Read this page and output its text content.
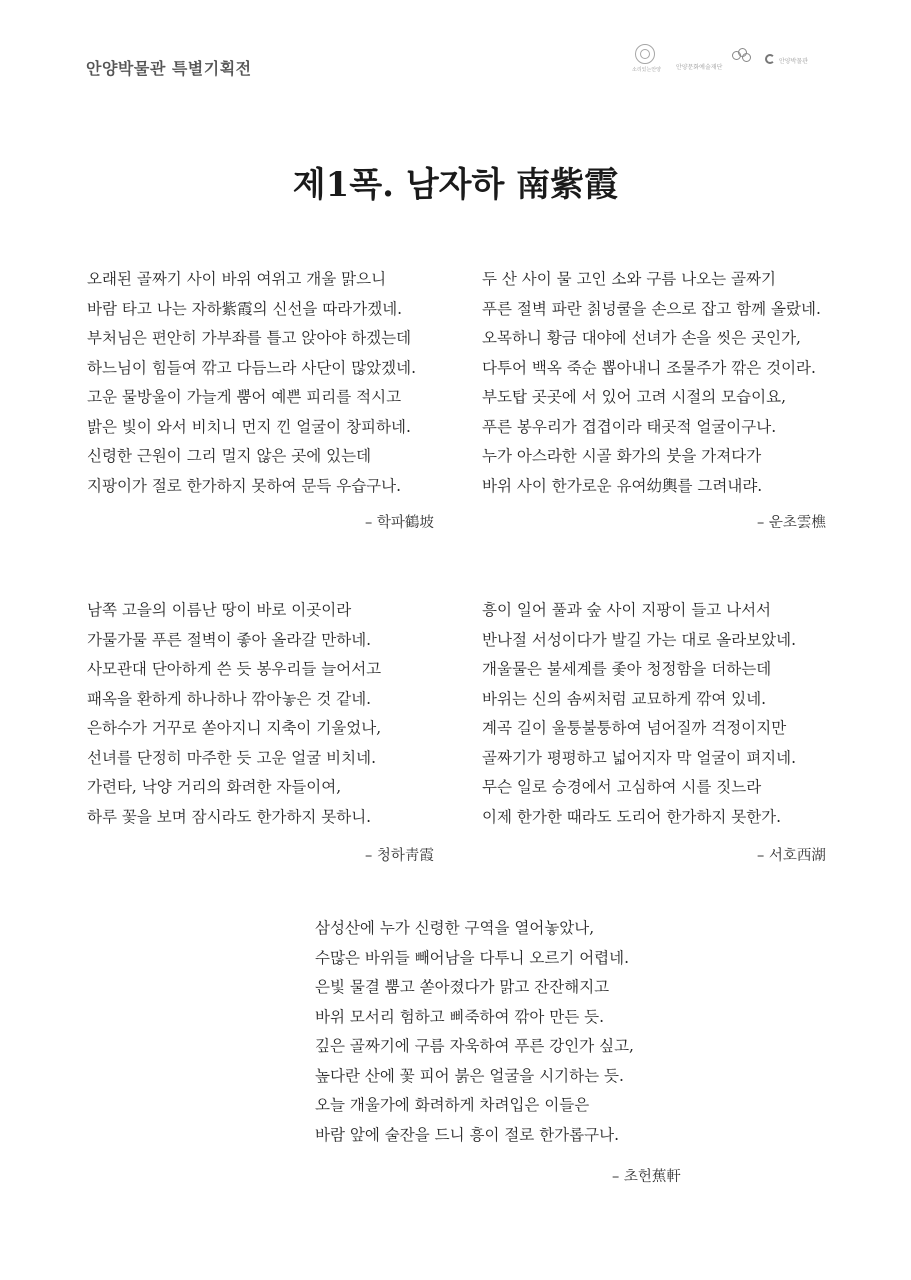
안양박물관 특별기획전	소리있는안양	안양문화예술재단
안양박물관
제1폭. 남자하 南紫霞
오래된 골짜기 사이 바위 여위고 개울 맑으니
바람 타고 나는 자하紫霞의 신선을 따라가겠네.
부처님은 편안히 가부좌를 틀고 앉아야 하겠는데
하느님이 힘들여 깎고 다듬느라 사단이 많았겠네.
고운 물방울이 가늘게 뿜어 예쁜 피리를 적시고
밝은 빛이 와서 비치니 먼지 낀 얼굴이 창피하네.
신령한 근원이 그리 멀지 않은 곳에 있는데
지팡이가 절로 한가하지 못하여 문득 우습구나.
– 학파鶴坡
두 산 사이 물 고인 소와 구름 나오는 골짜기
푸른 절벽 파란 칡넝쿨을 손으로 잡고 함께 올랐네.
오목하니 황금 대야에 선녀가 손을 씻은 곳인가,
다투어 백옥 죽순 뽑아내니 조물주가 깎은 것이라.
부도탑 곳곳에 서 있어 고려 시절의 모습이요,
푸른 봉우리가 겹겹이라 태곳적 얼굴이구나.
누가 아스라한 시골 화가의 붓을 가져다가
바위 사이 한가로운 유여幼輿를 그려내랴.
– 운초雲樵
남쪽 고을의 이름난 땅이 바로 이곳이라
가물가물 푸른 절벽이 좋아 올라갈 만하네.
사모관대 단아하게 쓴 듯 봉우리들 늘어서고
패옥을 환하게 하나하나 깎아놓은 것 같네.
은하수가 거꾸로 쏟아지니 지축이 기울었나,
선녀를 단정히 마주한 듯 고운 얼굴 비치네.
가련타, 낙양 거리의 화려한 자들이여,
하루 꽃을 보며 잠시라도 한가하지 못하니.
– 청하靑霞
흥이 일어 풀과 숲 사이 지팡이 들고 나서서
반나절 서성이다가 발길 가는 대로 올라보았네.
개울물은 불세계를 좇아 청정함을 더하는데
바위는 신의 솜씨처럼 교묘하게 깎여 있네.
계곡 길이 울퉁불퉁하여 넘어질까 걱정이지만
골짜기가 평평하고 넓어지자 막 얼굴이 펴지네.
무슨 일로 승경에서 고심하여 시를 짓느라
이제 한가한 때라도 도리어 한가하지 못한가.
– 서호西湖
삼성산에 누가 신령한 구역을 열어놓았나,
수많은 바위들 빼어남을 다투니 오르기 어렵네.
은빛 물결 뿜고 쏟아졌다가 맑고 잔잔해지고
바위 모서리 험하고 삐죽하여 깎아 만든 듯.
깊은 골짜기에 구름 자욱하여 푸른 강인가 싶고,
높다란 산에 꽃 피어 붉은 얼굴을 시기하는 듯.
오늘 개울가에 화려하게 차려입은 이들은
바람 앞에 술잔을 드니 흥이 절로 한가롭구나.
– 초헌蕉軒
